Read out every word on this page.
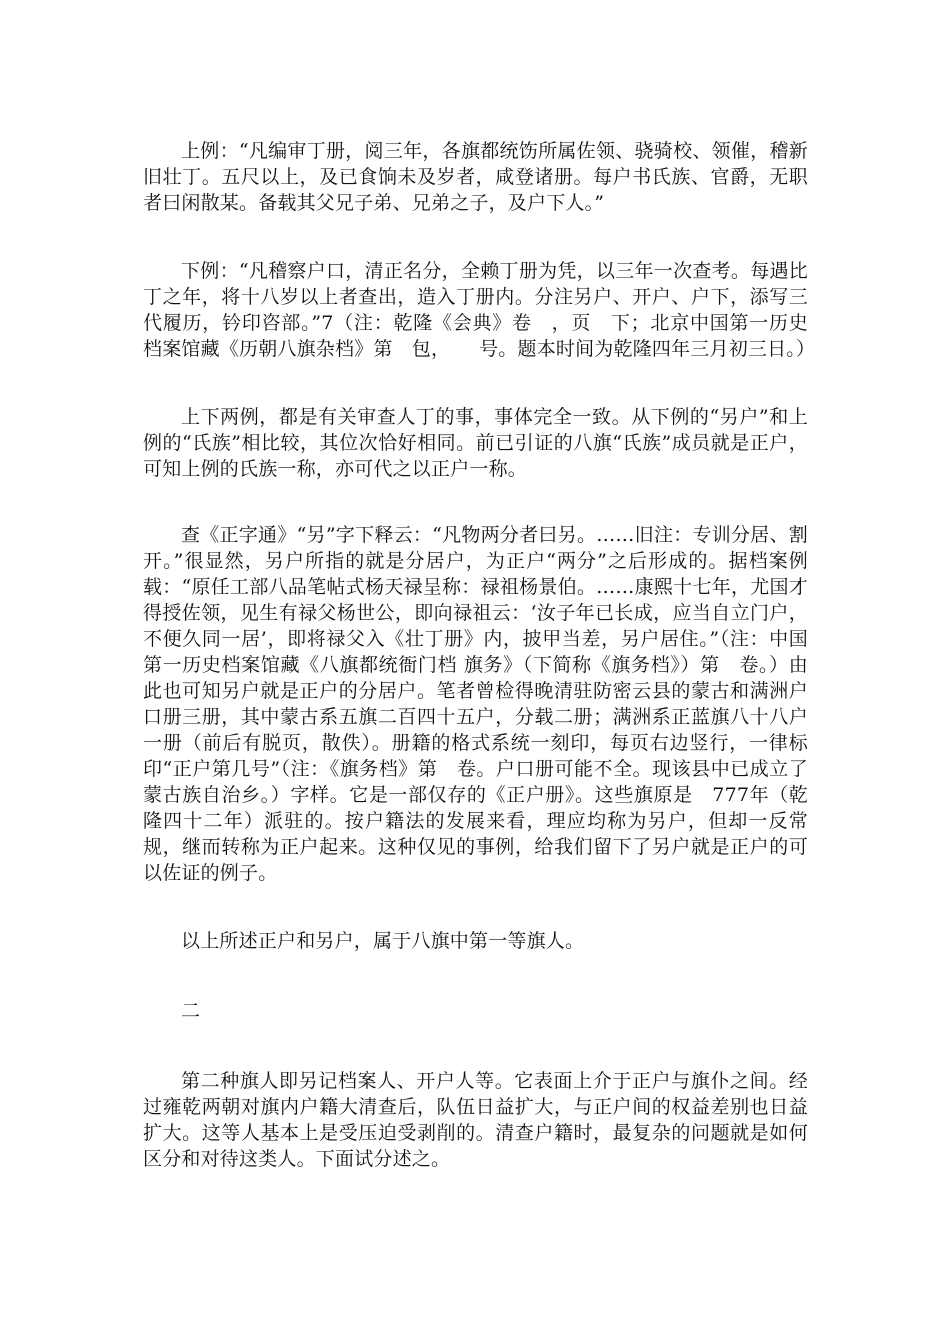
上例：“凡编审丁册，阅三年，各旗都统饬所属佐领、骁骑校、领催，稽新旧壮丁。五尺以上，及已食饷未及岁者，咸登诸册。每户书氏族、官爵，无职者曰闲散某。备载其父兄子弟、兄弟之子，及户下人。”

下例：“凡稽察户口，清正名分，全赖丁册为凭，以三年一次查考。每遇比丁之年，将十八岁以上者查出，造入丁册内。分注另户、开户、户下，添写三代履历，钤印咨部。”7（注：乾隆《会典》卷　，页　下；北京中国第一历史档案馆藏《历朝八旗杂档》第　包，　　号。题本时间为乾隆四年三月初三日。）

上下两例，都是有关审查人丁的事，事体完全一致。从下例的“另户”和上例的“氏族”相比较，其位次恰好相同。前已引证的八旗“氏族”成员就是正户，可知上例的氏族一称，亦可代之以正户一称。

查《正字通》“另”字下释云：“凡物两分者曰另。……旧注：专训分居、割开。”很显然，另户所指的就是分居户，为正户“两分”之后形成的。据档案例载：“原任工部八品笔帖式杨天禄呈称：禄祖杨景伯。……康熙十七年，尤国才得授佐领，见生有禄父杨世公，即向禄祖云：‘汝子年已长成，应当自立门户，不便久同一居’，即将禄父入《壮丁册》内，披甲当差，另户居住。”（注：中国第一历史档案馆藏《八旗都统衙门档 旗务》（下简称《旗务档》）第　卷。）由此也可知另户就是正户的分居户。笔者曾检得晚清驻防密云县的蒙古和满洲户口册三册，其中蒙古系五旗二百四十五户，分载二册；满洲系正蓝旗八十八户一册（前后有脱页，散佚）。册籍的格式系统一刻印，每页右边竖行，一律标印“正户第几号”（注：《旗务档》第　卷。户口册可能不全。现该县中已成立了蒙古族自治乡。）字样。它是一部仅存的《正户册》。这些旗原是　777年（乾隆四十二年）派驻的。按户籍法的发展来看，理应均称为另户，但却一反常规，继而转称为正户起来。这种仅见的事例，给我们留下了另户就是正户的可以佐证的例子。

以上所述正户和另户，属于八旗中第一等旗人。

二

第二种旗人即另记档案人、开户人等。它表面上介于正户与旗仆之间。经过雍乾两朝对旗内户籍大清查后，队伍日益扩大，与正户间的权益差别也日益扩大。这等人基本上是受压迫受剥削的。清查户籍时，最复杂的问题就是如何区分和对待这类人。下面试分述之。
